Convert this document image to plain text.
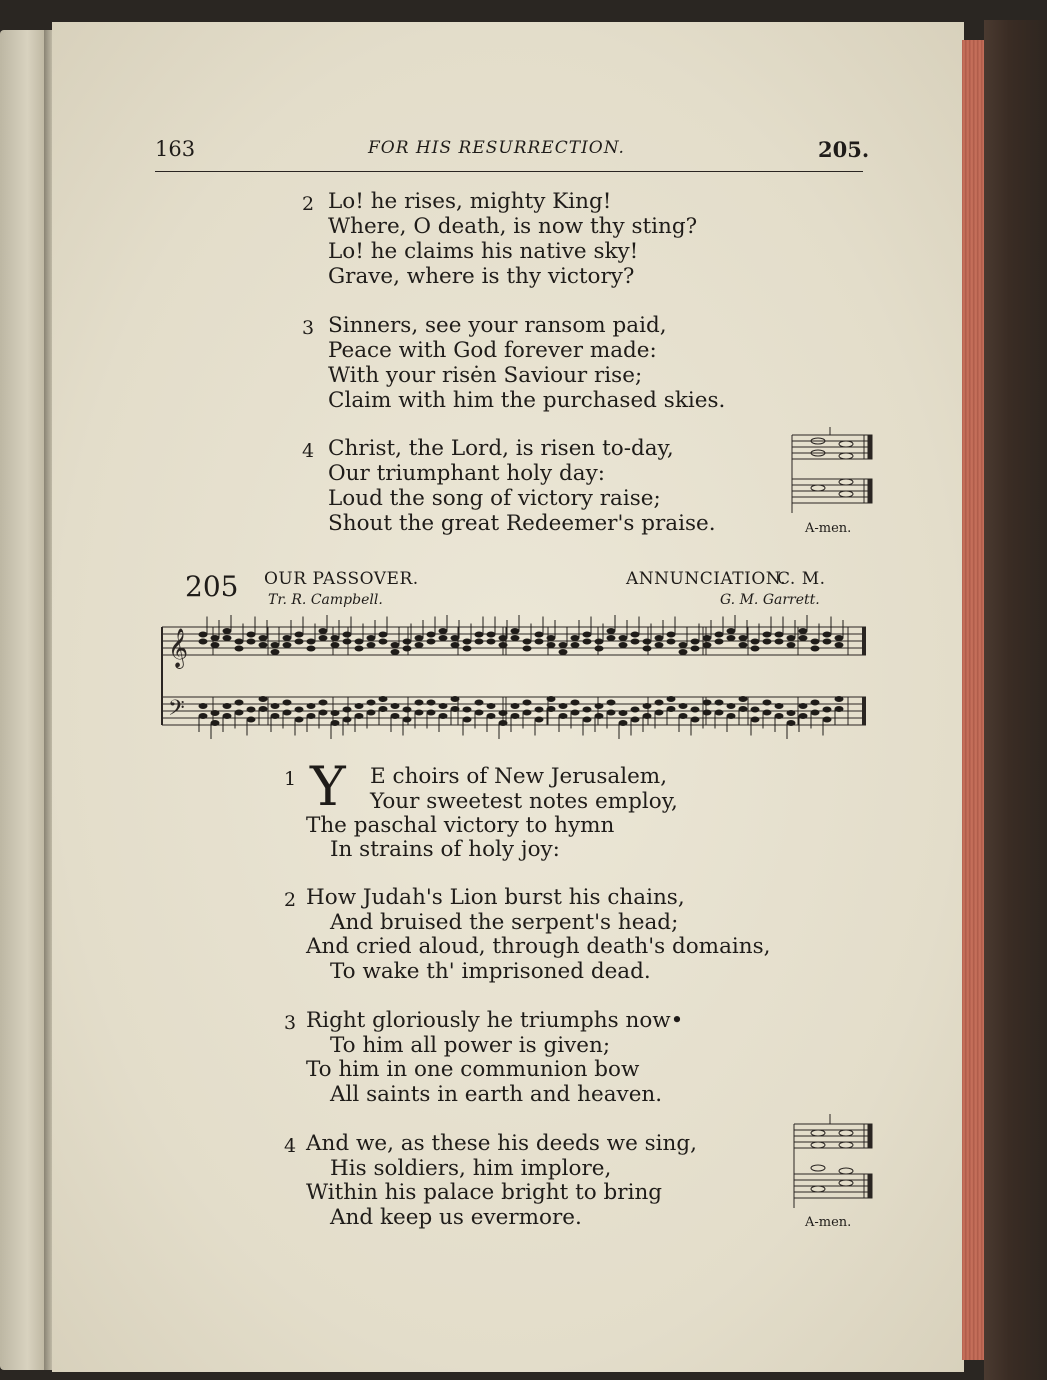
163	FOR HIS RESURRECTION.	205.
2 Lo! he rises, mighty King!
Where, O death, is now thy sting?
Lo! he claims his native sky!
Grave, where is thy victory?
3 Sinners, see your ransom paid,
Peace with God forever made:
With your risėn Saviour rise;
Claim with him the purchased skies.
4 Christ, the Lord, is risen to-day,
Our triumphant holy day:
Loud the song of victory raise;
Shout the great Redeemer's praise.	A-men.
205 OUR PASSOVER.
Tr. R. Campbell.
ANNUNCIATION.
C. M.
G. M. Garrett.
𝄞
𝄢
1 Y E choirs of New Jerusalem,
Your sweetest notes employ,
The paschal victory to hymn
In strains of holy joy:
2 How Judah's Lion burst his chains,
And bruised the serpent's head;
And cried aloud, through death's domains,
To wake th' imprisoned dead.
3 Right gloriously he triumphs now•
To him all power is given;
To him in one communion bow
All saints in earth and heaven.
4 And we, as these his deeds we sing,
His soldiers, him implore,
Within his palace bright to bring
And keep us evermore.	A-men.
